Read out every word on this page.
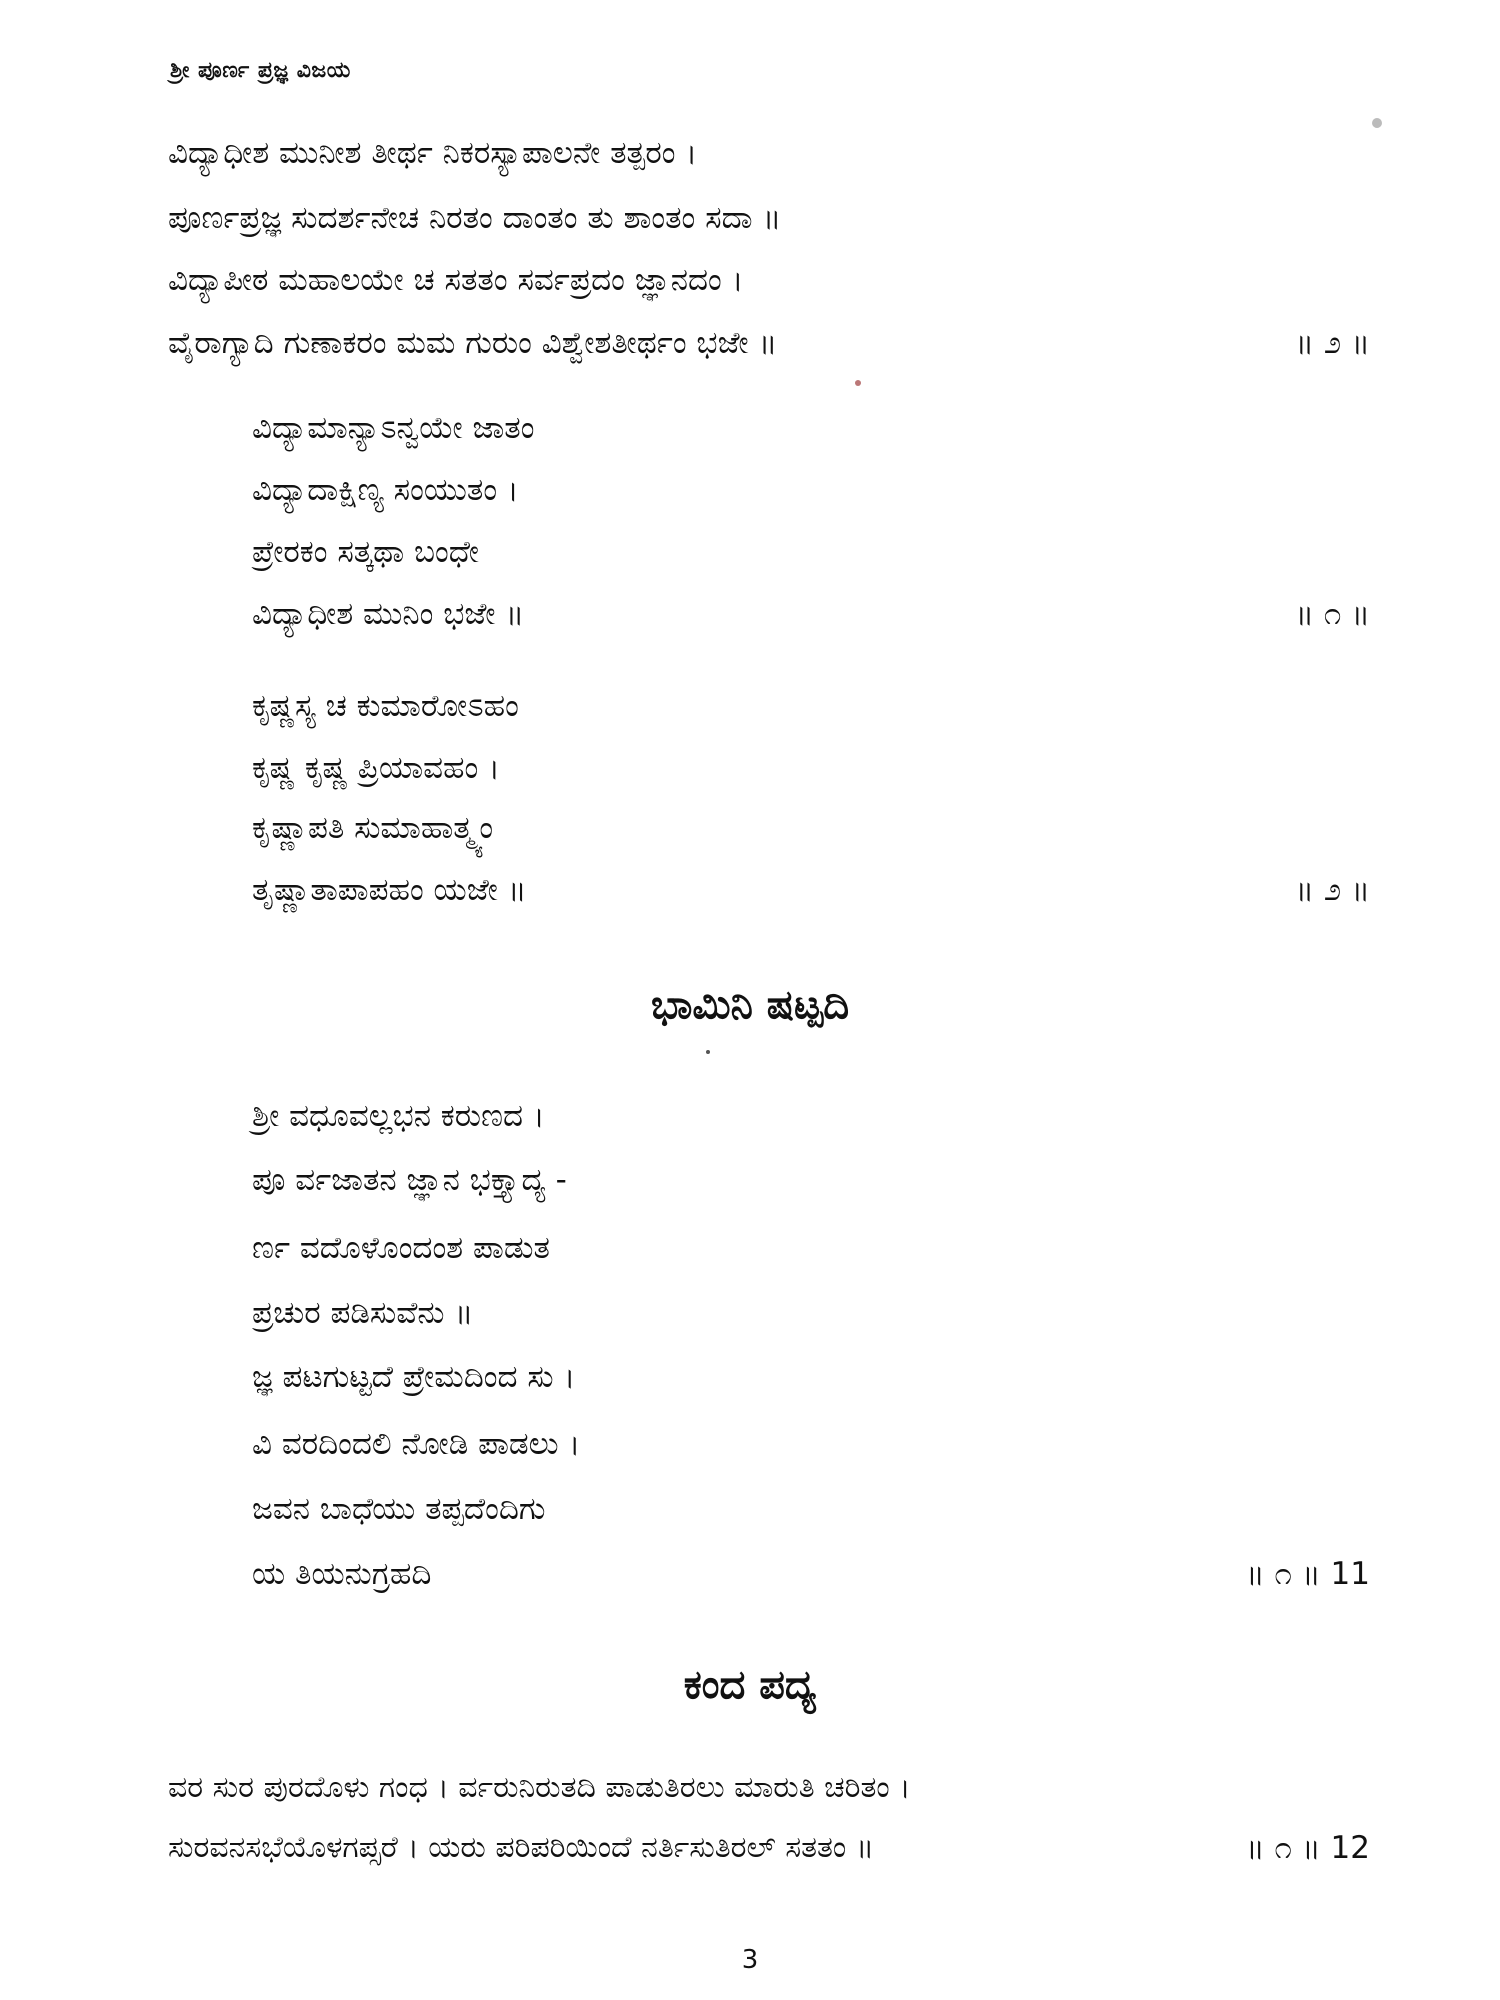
ಶ್ರೀ ಪೂರ್ಣ ಪ್ರಜ್ಞ ವಿಜಯ
ವಿದ್ಯಾಧೀಶ ಮುನೀಶ ತೀರ್ಥ ನಿಕರಸ್ಯಾಪಾಲನೇ ತತ್ಪರಂ ।
ಪೂರ್ಣಪ್ರಜ್ಞ ಸುದರ್ಶನೇಚ ನಿರತಂ ದಾಂತಂ ತು ಶಾಂತಂ ಸದಾ ॥
ವಿದ್ಯಾಪೀಠ ಮಹಾಲಯೇ ಚ ಸತತಂ ಸರ್ವಪ್ರದಂ ಜ್ಞಾನದಂ ।
ವೈರಾಗ್ಯಾದಿ ಗುಣಾಕರಂ ಮಮ ಗುರುಂ ವಿಶ್ವೇಶತೀರ್ಥಂ ಭಜೇ ॥	॥ ೨ ॥
ವಿದ್ಯಾಮಾನ್ಯಾಽನ್ವಯೇ ಜಾತಂ
ವಿದ್ಯಾದಾಕ್ಷಿಣ್ಯ ಸಂಯುತಂ ।
ಪ್ರೇರಕಂ ಸತ್ಕಥಾ ಬಂಧೇ
ವಿದ್ಯಾಧೀಶ ಮುನಿಂ ಭಜೇ ॥	॥ ೧ ॥
ಕೃಷ್ಣಸ್ಯ ಚ ಕುಮಾರೋಽಹಂ
ಕೃಷ್ಣ ಕೃಷ್ಣ ಪ್ರಿಯಾವಹಂ ।
ಕೃಷ್ಣಾಪತಿ ಸುಮಾಹಾತ್ಮ್ಯಂ
ತೃಷ್ಣಾತಾಪಾಪಹಂ ಯಜೇ ॥	॥ ೨ ॥
ಭಾಮಿನಿ ಷಟ್ಪದಿ
ಶ್ರೀ ವಧೂವಲ್ಲಭನ ಕರುಣದ ।
ಪೂ ರ್ವಜಾತನ ಜ್ಞಾನ ಭಕ್ತ್ಯಾದ್ಯ -
ರ್ಣ ವದೊಳೊಂದಂಶ ಪಾಡುತ
ಪ್ರಚುರ ಪಡಿಸುವೆನು ॥
ಜ್ಞ ಪಟಗುಟ್ಟದೆ ಪ್ರೇಮದಿಂದ ಸು ।
ವಿ ವರದಿಂದಲಿ ನೋಡಿ ಪಾಡಲು ।
ಜವನ ಬಾಧೆಯು ತಪ್ಪದೆಂದಿಗು
ಯ ತಿಯನುಗ್ರಹದಿ	॥ ೧ ॥ 11
ಕಂದ ಪದ್ಯ
ವರ ಸುರ ಪುರದೊಳು ಗಂಧ । ರ್ವರುನಿರುತದಿ ಪಾಡುತಿರಲು ಮಾರುತಿ ಚರಿತಂ ।
ಸುರವನಸಭೆಯೊಳಗಪ್ಸರೆ । ಯರು ಪರಿಪರಿಯಿಂದೆ ನರ್ತಿಸುತಿರಲ್ ಸತತಂ ॥	॥ ೧ ॥ 12
3
